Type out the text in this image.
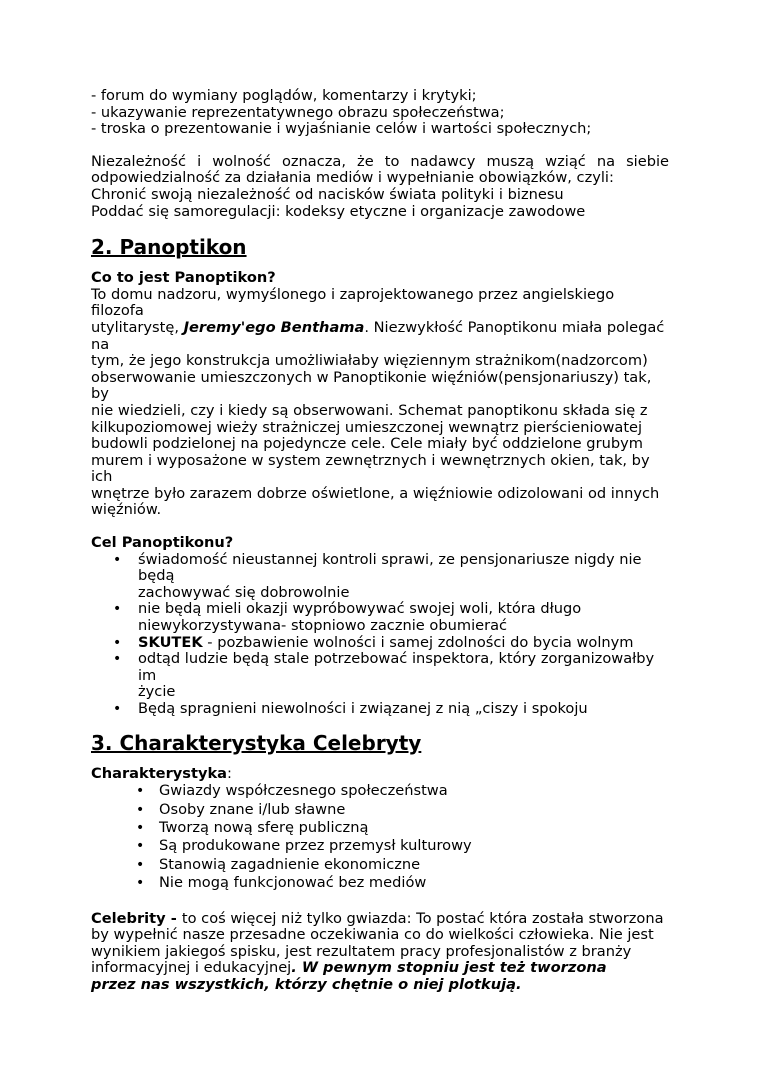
- forum do wymiany poglądów, komentarzy i krytyki;

- ukazywanie reprezentatywnego obrazu społeczeństwa;

- troska o prezentowanie i wyjaśnianie celów i wartości społecznych;

Niezależność i wolność oznacza, że to nadawcy muszą wziąć na siebie

odpowiedzialność za działania mediów i wypełnianie obowiązków, czyli:

Chronić swoją niezależność od nacisków świata polityki i biznesu

Poddać się samoregulacji: kodeksy etyczne i organizacje zawodowe

2. Panoptikon

Co to jest Panoptikon?

To domu nadzoru, wymyślonego i zaprojektowanego przez angielskiego filozofa

utylitarystę, Jeremy'ego Benthama. Niezwykłość Panoptikonu miała polegać na

tym, że jego konstrukcja umożliwiałaby więziennym strażnikom(nadzorcom)

obserwowanie umieszczonych w Panoptikonie więźniów(pensjonariuszy) tak, by

nie wiedzieli, czy i kiedy są obserwowani. Schemat panoptikonu składa się z

kilkupoziomowej wieży strażniczej umieszczonej wewnątrz pierścieniowatej

budowli podzielonej na pojedyncze cele. Cele miały być oddzielone grubym

murem i wyposażone w system zewnętrznych i wewnętrznych okien, tak, by ich

wnętrze było zarazem dobrze oświetlone, a więźniowie odizolowani od innych

więźniów.

Cel Panoptikonu?

• świadomość nieustannej kontroli sprawi, ze pensjonariusze nigdy nie będą
zachowywać się dobrowolnie
• nie będą mieli okazji wypróbowywać swojej woli, która długo
niewykorzystywana- stopniowo zacznie obumierać
• SKUTEK - pozbawienie wolności i samej zdolności do bycia wolnym
• odtąd ludzie będą stale potrzebować inspektora, który zorganizowałby im
życie
• Będą spragnieni niewolności i związanej z nią „ciszy i spokoju
3. Charakterystyka Celebryty

Charakterystyka:

• Gwiazdy współczesnego społeczeństwa
• Osoby znane i/lub sławne
• Tworzą nową sferę publiczną
• Są produkowane przez przemysł kulturowy
• Stanowią zagadnienie ekonomiczne
• Nie mogą funkcjonować bez mediów

Celebrity - to coś więcej niż tylko gwiazda: To postać która została stworzona

by wypełnić nasze przesadne oczekiwania co do wielkości człowieka. Nie jest

wynikiem jakiegoś spisku, jest rezultatem pracy profesjonalistów z branży

informacyjnej i edukacyjnej. W pewnym stopniu jest też tworzona

przez nas wszystkich, którzy chętnie o niej plotkują.
